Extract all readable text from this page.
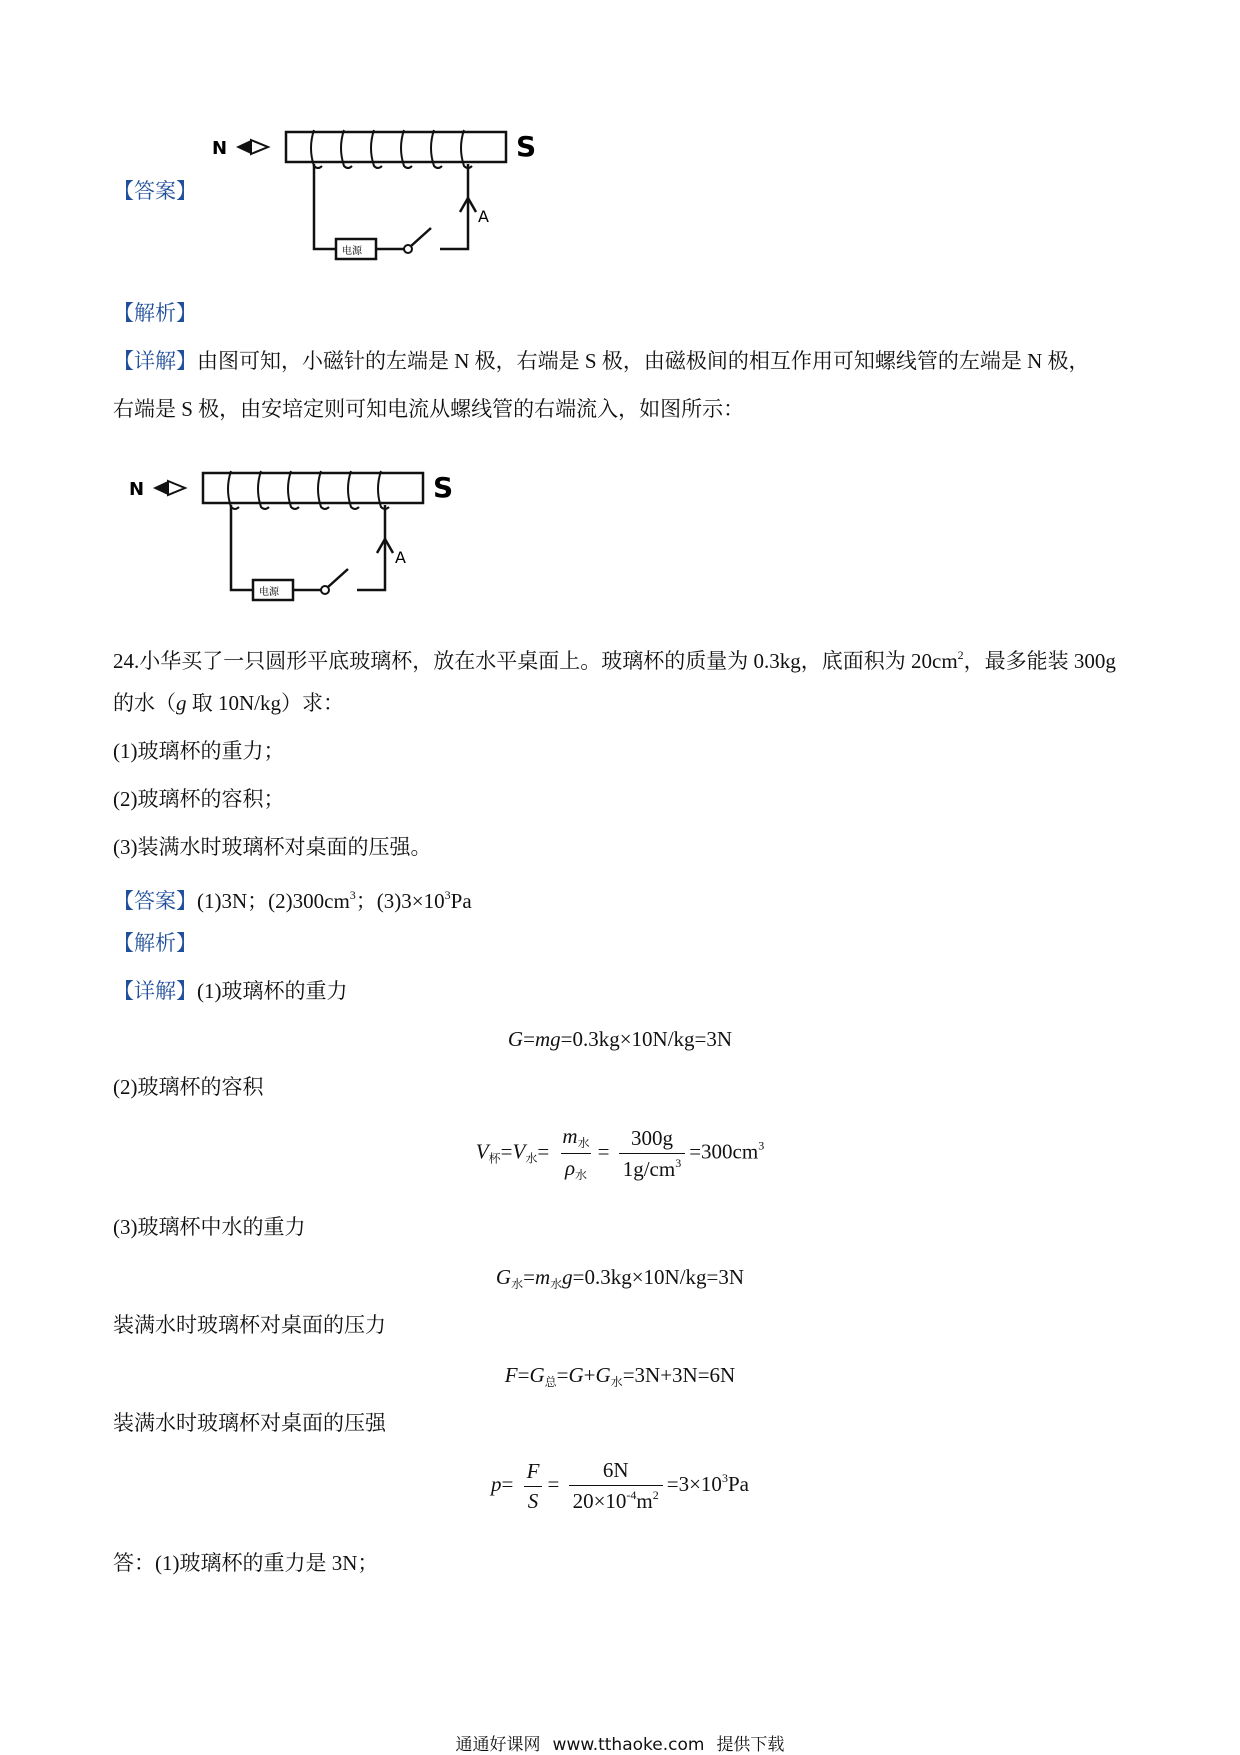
【答案】
N	S
A
电源
【解析】
【详解】由图可知，小磁针的左端是 N 极，右端是 S 极，由磁极间的相互作用可知螺线管的左端是 N 极，
右端是 S 极，由安培定则可知电流从螺线管的右端流入，如图所示：
N	S
A
电源
24.小华买了一只圆形平底玻璃杯，放在水平桌面上。玻璃杯的质量为 0.3kg，底面积为 $20cm^2$，最多能装 300g
的水（g 取 10N/kg）求：
(1)玻璃杯的重力；
(2)玻璃杯的容积；
(3)装满水时玻璃杯对桌面的压强。
【答案】(1)3N；$(2)300cm^3$；$(3)3\times 10^3Pa$
【解析】
【详解】(1)玻璃杯的重力
G=mg=0.3kg×10N/kg=3N
(2)玻璃杯的容积
$V_杯=V_水= \frac{m_水}{\rho_水} = \frac{300g}{1g/cm^3} =300cm^3$
(3)玻璃杯中水的重力
$G_水=m_水g=0.3kg\times 10N/kg=3N$
装满水时玻璃杯对桌面的压力
$F=G_总=G+G_水=3N+3N=6N$
装满水时玻璃杯对桌面的压强
$p= \frac{F}{S} = \frac{6N}{20\times 10^{-4}m^2} =3\times 10^3Pa$
答：(1)玻璃杯的重力是 3N；
通通好课网 www.tthaoke.com 提供下载
